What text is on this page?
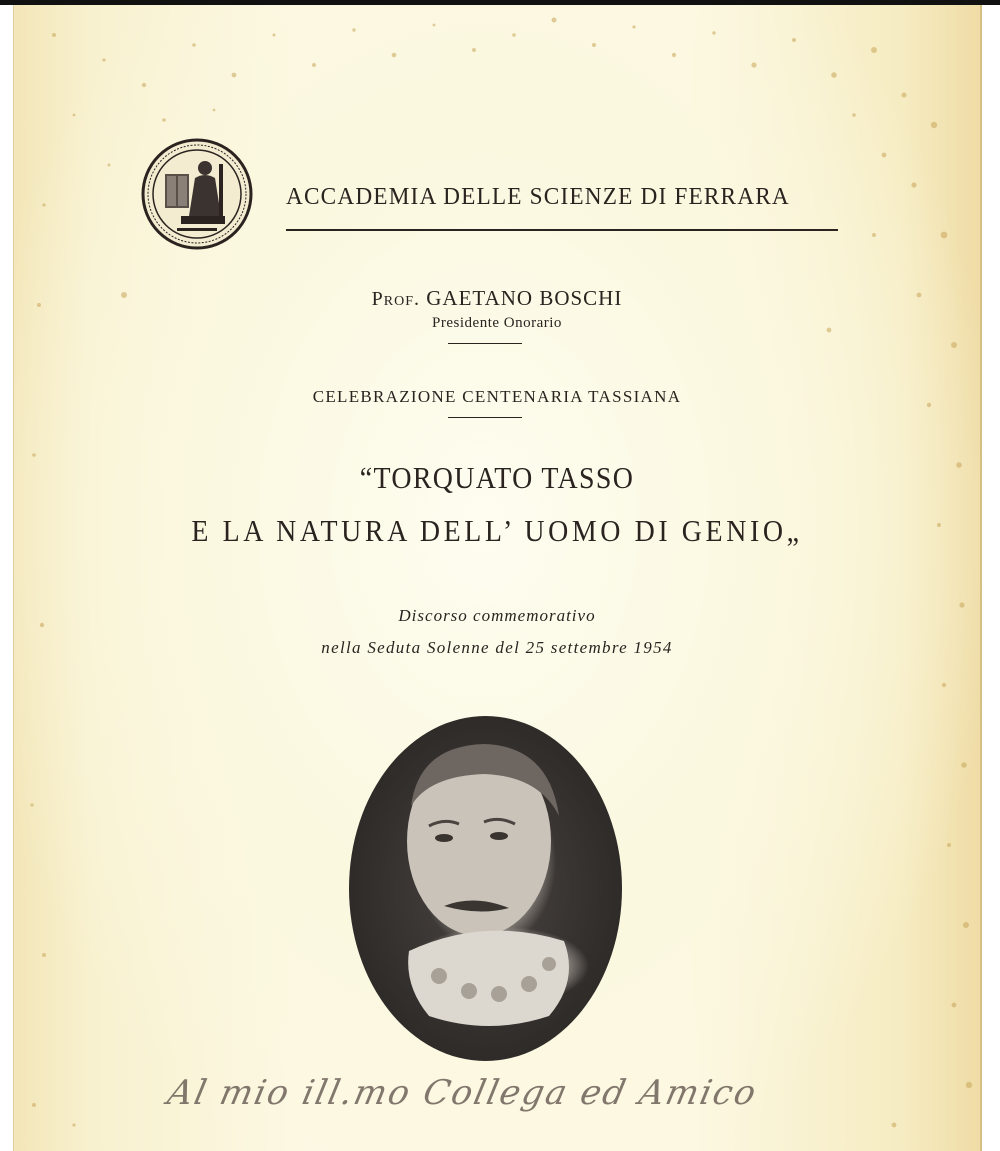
ACCADEMIA DELLE SCIENZE DI FERRARA
Prof. GAETANO BOSCHI
Presidente Onorario
CELEBRAZIONE CENTENARIA TASSIANA
“TORQUATO TASSO
E LA NATURA DELL’ UOMO DI GENIO„
Discorso commemorativo
nella Seduta Solenne del 25 settembre 1954
Al mio ill.mo Collega ed Amico
